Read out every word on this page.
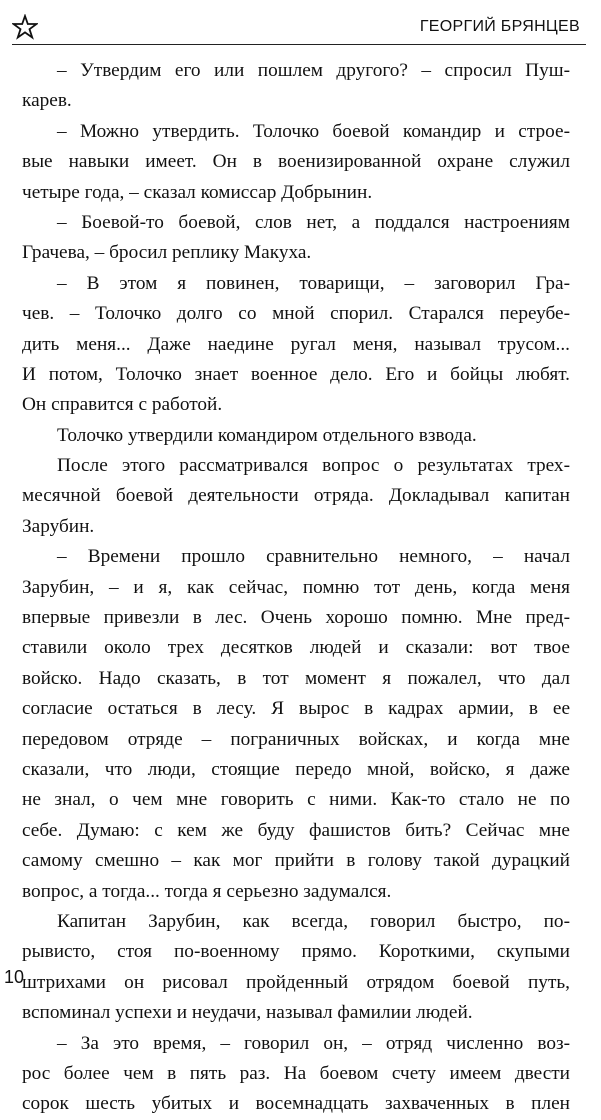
ГЕОРГИЙ БРЯНЦЕВ
– Утвердим его или пошлем другого? – спросил Пуш-
карев.
– Можно утвердить. Толочко боевой командир и строе-
вые навыки имеет. Он в военизированной охране служил
четыре года, – сказал комиссар Добрынин.
– Боевой-то боевой, слов нет, а поддался настроениям
Грачева, – бросил реплику Макуха.
– В этом я повинен, товарищи, – заговорил Гра-
чев. – Толочко долго со мной спорил. Старался переубе-
дить меня... Даже наедине ругал меня, называл трусом...
И потом, Толочко знает военное дело. Его и бойцы любят.
Он справится с работой.
Толочко утвердили командиром отдельного взвода.
После этого рассматривался вопрос о результатах трех-
месячной боевой деятельности отряда. Докладывал капитан
Зарубин.
– Времени прошло сравнительно немного, – начал
Зарубин, – и я, как сейчас, помню тот день, когда меня
впервые привезли в лес. Очень хорошо помню. Мне пред-
ставили около трех десятков людей и сказали: вот твое
войско. Надо сказать, в тот момент я пожалел, что дал
согласие остаться в лесу. Я вырос в кадрах армии, в ее
передовом отряде – пограничных войсках, и когда мне
сказали, что люди, стоящие передо мной, войско, я даже
не знал, о чем мне говорить с ними. Как-то стало не по
себе. Думаю: с кем же буду фашистов бить? Сейчас мне
самому смешно – как мог прийти в голову такой дурацкий
вопрос, а тогда... тогда я серьезно задумался.
Капитан Зарубин, как всегда, говорил быстро, по-
рывисто, стоя по-военному прямо. Короткими, скупыми
штрихами он рисовал пройденный отрядом боевой путь,
вспоминал успехи и неудачи, называл фамилии людей.
– За это время, – говорил он, – отряд численно воз-
рос более чем в пять раз. На боевом счету имеем двести
сорок шесть убитых и восемнадцать захваченных в плен
10
